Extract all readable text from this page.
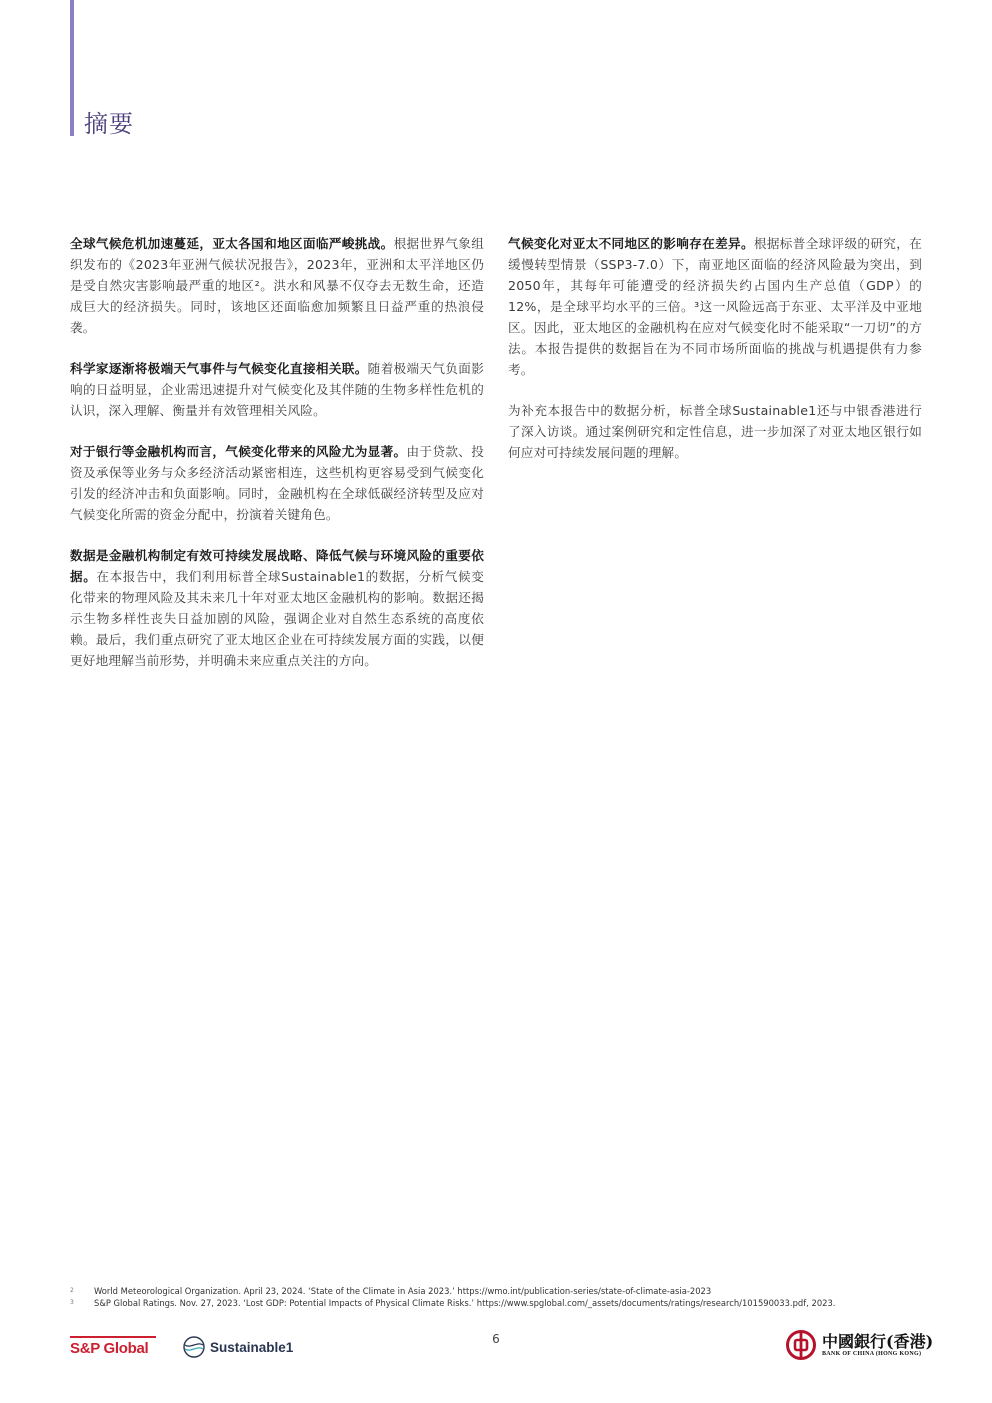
摘要

全球气候危机加速蔓延，亚太各国和地区面临严峻挑战。根据世界气象组织发布的《2023年亚洲气候状况报告》，2023年，亚洲和太平洋地区仍是受自然灾害影响最严重的地区²。洪水和风暴不仅夺去无数生命，还造成巨大的经济损失。同时，该地区还面临愈加频繁且日益严重的热浪侵袭。

科学家逐渐将极端天气事件与气候变化直接相关联。随着极端天气负面影响的日益明显，企业需迅速提升对气候变化及其伴随的生物多样性危机的认识，深入理解、衡量并有效管理相关风险。

对于银行等金融机构而言，气候变化带来的风险尤为显著。由于贷款、投资及承保等业务与众多经济活动紧密相连，这些机构更容易受到气候变化引发的经济冲击和负面影响。同时，金融机构在全球低碳经济转型及应对气候变化所需的资金分配中，扮演着关键角色。

数据是金融机构制定有效可持续发展战略、降低气候与环境风险的重要依据。在本报告中，我们利用标普全球Sustainable1的数据，分析气候变化带来的物理风险及其未来几十年对亚太地区金融机构的影响。数据还揭示生物多样性丧失日益加剧的风险，强调企业对自然生态系统的高度依赖。最后，我们重点研究了亚太地区企业在可持续发展方面的实践，以便更好地理解当前形势，并明确未来应重点关注的方向。

气候变化对亚太不同地区的影响存在差异。根据标普全球评级的研究，在缓慢转型情景（SSP3-7.0）下，南亚地区面临的经济风险最为突出，到2050年，其每年可能遭受的经济损失约占国内生产总值（GDP）的12%，是全球平均水平的三倍。³这一风险远高于东亚、太平洋及中亚地区。因此，亚太地区的金融机构在应对气候变化时不能采取“一刀切”的方法。本报告提供的数据旨在为不同市场所面临的挑战与机遇提供有力参考。

为补充本报告中的数据分析，标普全球Sustainable1还与中银香港进行了深入访谈。通过案例研究和定性信息，进一步加深了对亚太地区银行如何应对可持续发展问题的理解。

2	World Meteorological Organization. April 23, 2024. ‘State of the Climate in Asia 2023.’ https://wmo.int/publication-series/state-of-climate-asia-2023
3	S&P Global Ratings. Nov. 27, 2023. ‘Lost GDP: Potential Impacts of Physical Climate Risks.’ https://www.spglobal.com/_assets/documents/ratings/research/101590033.pdf, 2023.
S&P Global	Sustainable1
6	中國銀行(香港)
BANK OF CHINA (HONG KONG)
